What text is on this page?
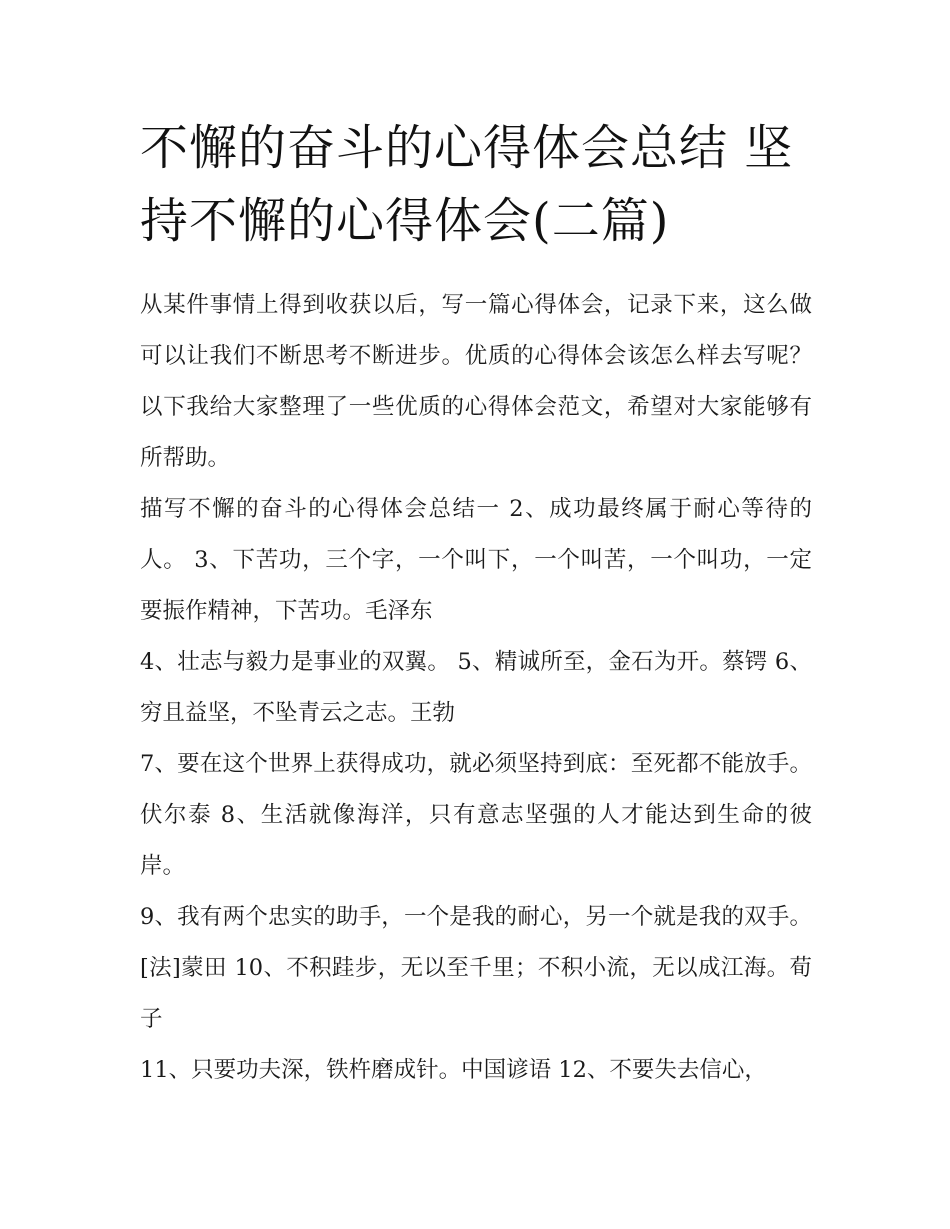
不懈的奋斗的心得体会总结 坚
持不懈的心得体会(二篇)

从某件事情上得到收获以后，写一篇心得体会，记录下来，这么做可以让我们不断思考不断进步。优质的心得体会该怎么样去写呢？以下我给大家整理了一些优质的心得体会范文，希望对大家能够有所帮助。

描写不懈的奋斗的心得体会总结一 2、成功最终属于耐心等待的人。 3、下苦功，三个字，一个叫下，一个叫苦，一个叫功，一定要振作精神，下苦功。毛泽东

4、壮志与毅力是事业的双翼。 5、精诚所至，金石为开。蔡锷 6、穷且益坚，不坠青云之志。王勃

7、要在这个世界上获得成功，就必须坚持到底：至死都不能放手。伏尔泰 8、生活就像海洋，只有意志坚强的人才能达到生命的彼岸。

9、我有两个忠实的助手，一个是我的耐心，另一个就是我的双手。[法]蒙田 10、不积跬步，无以至千里；不积小流，无以成江海。荀子

11、只要功夫深，铁杵磨成针。中国谚语 12、不要失去信心，
